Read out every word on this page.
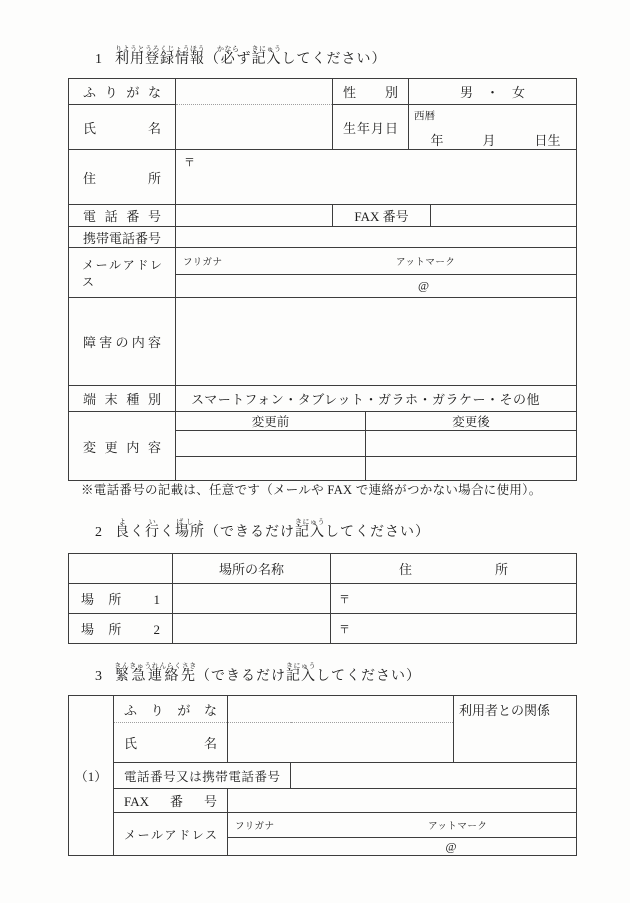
1 利用登録情報りようとうろくじょうほう（必かならず記入きにゅうしてください）
ふりがな		性別		男　・　女	
氏名		生年月日		西暦
年　　　月　　　日生	

住所	〒				
電話番号		FAX 番号			
携帯電話番号					
メールアドレス	フリガナ アットマーク				

	@				

障害の内容					
端末種別	スマートフォン・タブレット・ガラホ・ガラケー・その他				
変更内容	変更前		変更後		

※電話番号の記載は、任意です（メールや FAX で連絡がつかない場合に使用）。
2 良よく行いく場所ばしょ（できるだけ記入きにゅうしてください）
	場所の名称	住所
場所 1		〒
場所 2		〒
3 緊急連絡先きんきゅうれんらくさき（できるだけ記入きにゅうしてください）
（1）	ふりがな			利用者との関係
	氏名			
	電話番号又は携帯電話番号			
	FAX番号			
	メールアドレス	フリガナ アットマーク		

		@		
